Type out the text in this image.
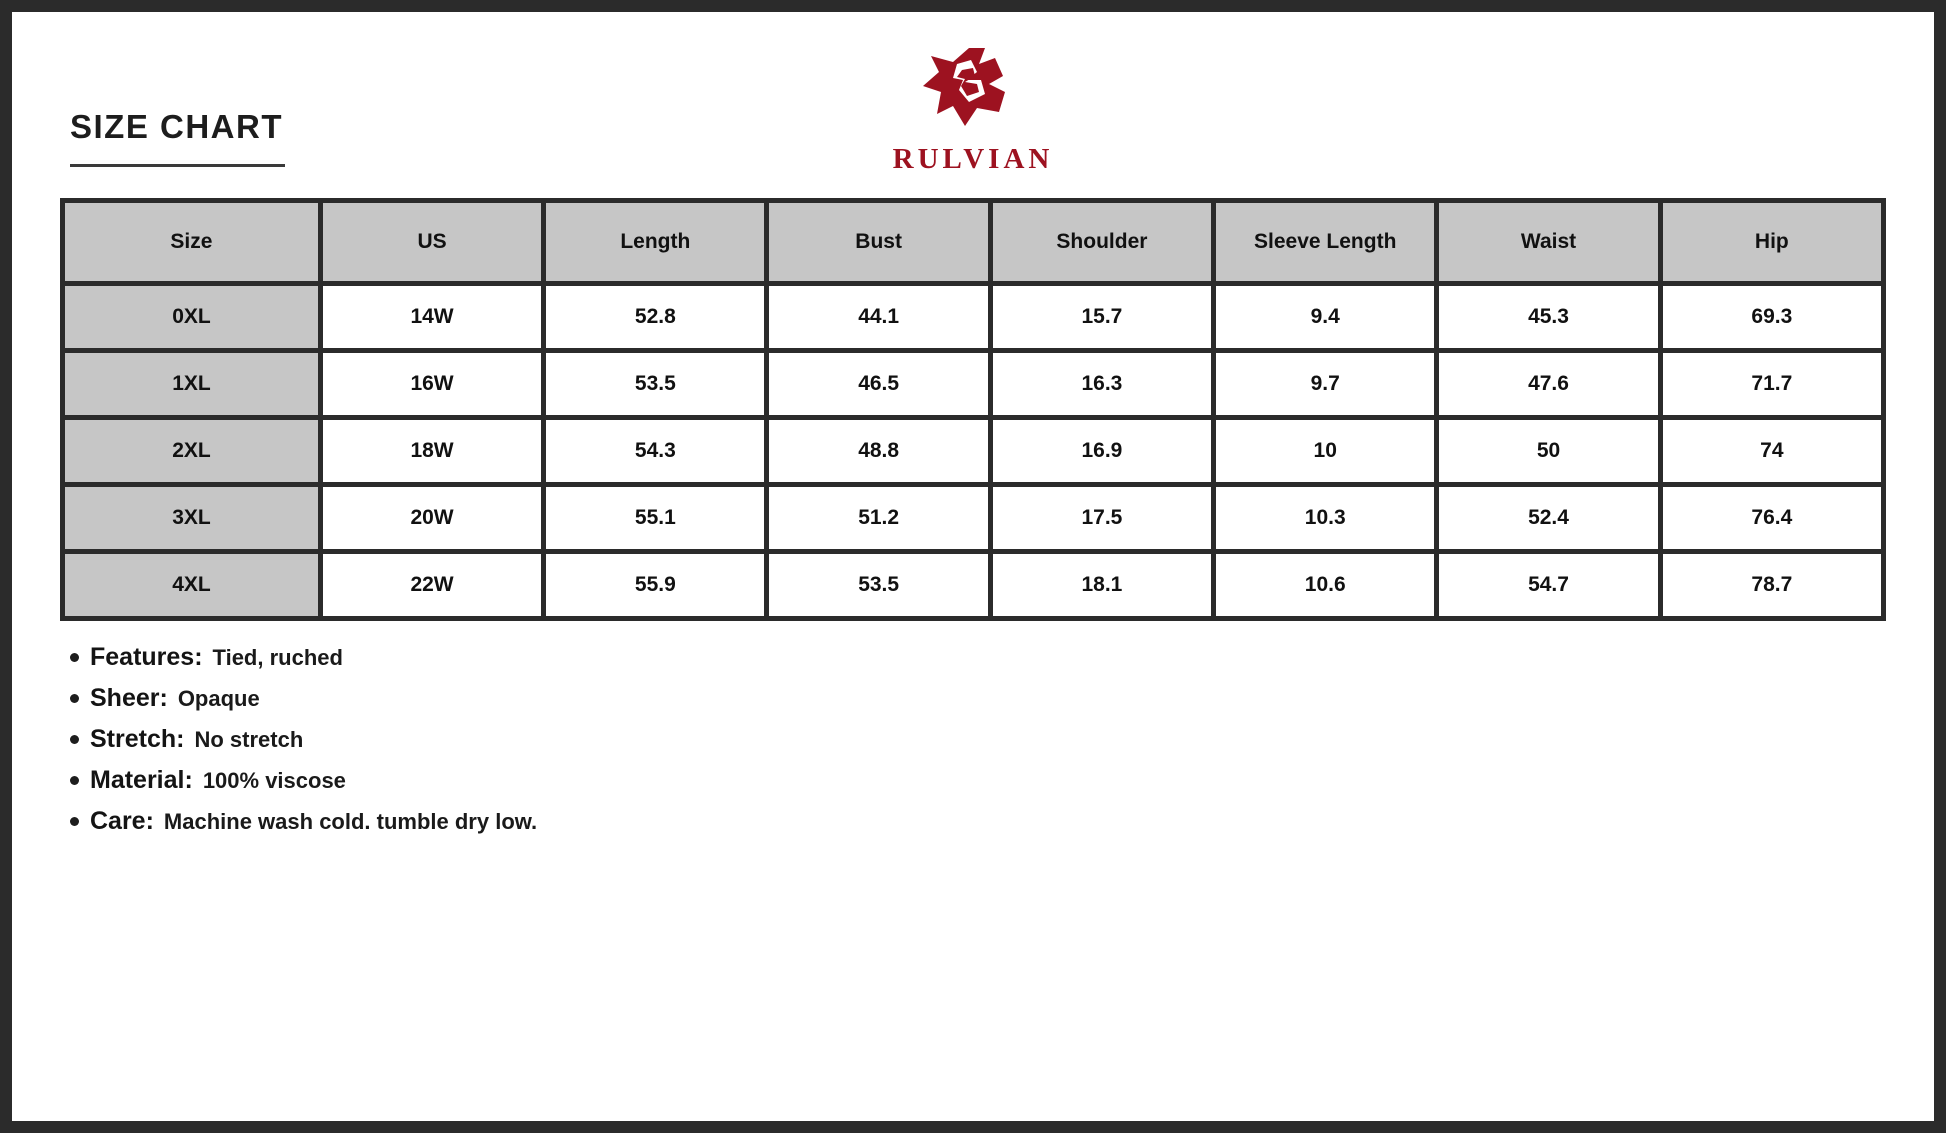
SIZE CHART
RULVIAN
Size	US	Length	Bust	Shoulder	Sleeve Length	Waist	Hip
0XL	14W	52.8	44.1	15.7	9.4	45.3	69.3
1XL	16W	53.5	46.5	16.3	9.7	47.6	71.7
2XL	18W	54.3	48.8	16.9	10	50	74
3XL	20W	55.1	51.2	17.5	10.3	52.4	76.4
4XL	22W	55.9	53.5	18.1	10.6	54.7	78.7
Features: Tied, ruched
Sheer: Opaque
Stretch: No stretch
Material: 100% viscose
Care: Machine wash cold. tumble dry low.
